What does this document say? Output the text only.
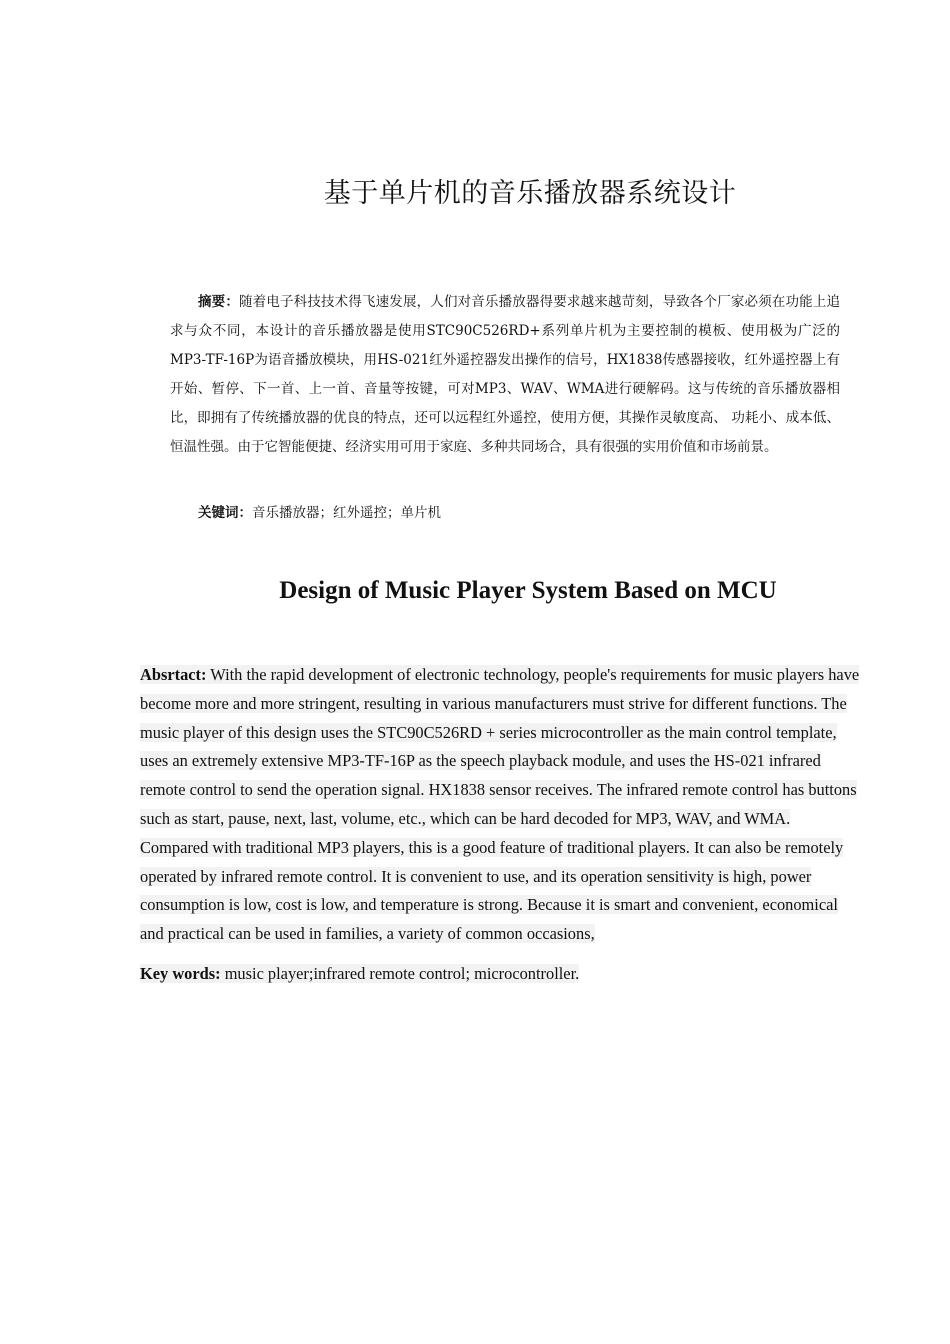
基于单片机的音乐播放器系统设计

摘要：随着电子科技技术得飞速发展，人们对音乐播放器得要求越来越苛刻，导致各个厂家必须在功能上追求与众不同，本设计的音乐播放器是使用STC90C526RD+系列单片机为主要控制的模板、使用极为广泛的MP3-TF-16P为语音播放模块，用HS-021红外遥控器发出操作的信号，HX1838传感器接收，红外遥控器上有开始、暂停、下一首、上一首、音量等按键，可对MP3、WAV、WMA进行硬解码。这与传统的音乐播放器相比，即拥有了传统播放器的优良的特点，还可以远程红外遥控，使用方便，其操作灵敏度高、 功耗小、成本低、恒温性强。由于它智能便捷、经济实用可用于家庭、多种共同场合，具有很强的实用价值和市场前景。

关键词：音乐播放器；红外遥控；单片机

Design of Music Player System Based on MCU

Absrtact: With the rapid development of electronic technology, people's requirements for music players have become more and more stringent, resulting in various manufacturers must strive for different functions. The music player of this design uses the STC90C526RD + series microcontroller as the main control template, uses an extremely extensive MP3-TF-16P as the speech playback module, and uses the HS-021 infrared remote control to send the operation signal. HX1838 sensor receives. The infrared remote control has buttons such as start, pause, next, last, volume, etc., which can be hard decoded for MP3, WAV, and WMA. Compared with traditional MP3 players, this is a good feature of traditional players. It can also be remotely operated by infrared remote control. It is convenient to use, and its operation sensitivity is high, power consumption is low, cost is low, and temperature is strong. Because it is smart and convenient, economical and practical can be used in families, a variety of common occasions,

Key words: music player;infrared remote control; microcontroller.
